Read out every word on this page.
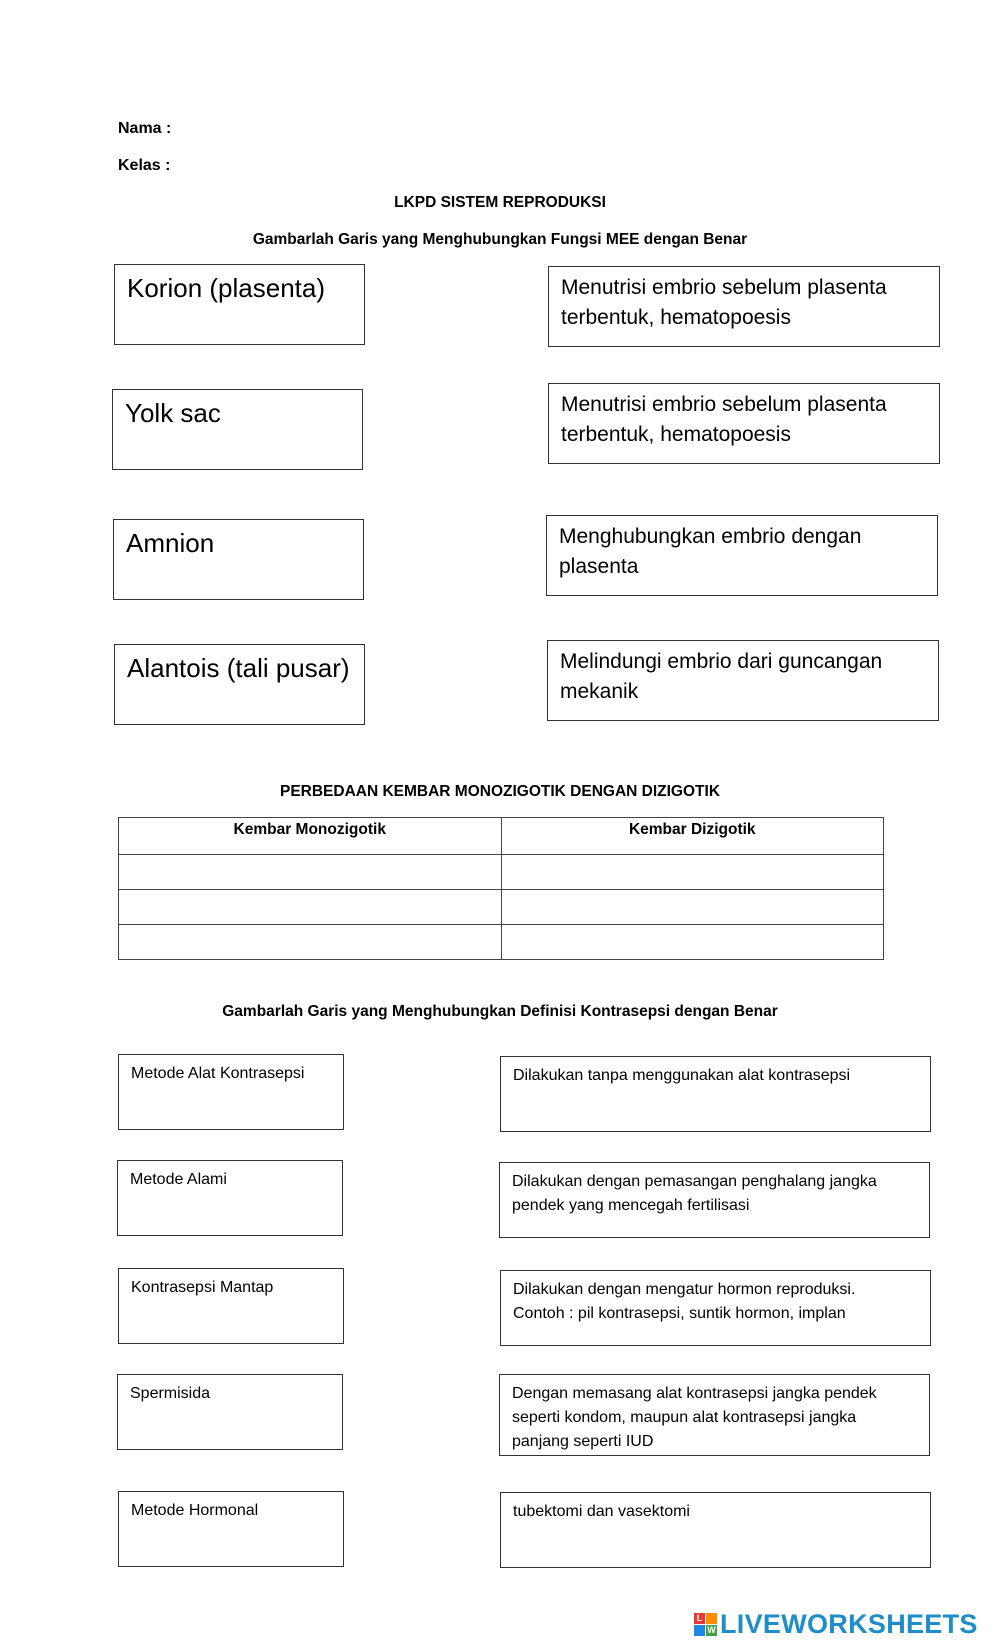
Nama :
Kelas :
LKPD SISTEM REPRODUKSI
Gambarlah Garis yang Menghubungkan Fungsi MEE dengan Benar
Korion (plasenta)
Yolk sac
Amnion
Alantois (tali pusar)
Menutrisi embrio sebelum plasenta
terbentuk, hematopoesis
Menutrisi embrio sebelum plasenta
terbentuk, hematopoesis
Menghubungkan embrio dengan
plasenta
Melindungi embrio dari guncangan
mekanik
PERBEDAAN KEMBAR MONOZIGOTIK DENGAN DIZIGOTIK
Kembar Monozigotik	Kembar Dizigotik

Gambarlah Garis yang Menghubungkan Definisi Kontrasepsi dengan Benar
Metode Alat Kontrasepsi
Metode Alami
Kontrasepsi Mantap
Spermisida
Metode Hormonal
Dilakukan tanpa menggunakan alat kontrasepsi
Dilakukan dengan pemasangan penghalang jangka
pendek yang mencegah fertilisasi
Dilakukan dengan mengatur hormon reproduksi.
Contoh : pil kontrasepsi, suntik hormon, implan
Dengan memasang alat kontrasepsi jangka pendek
seperti kondom, maupun alat kontrasepsi jangka
panjang seperti IUD
tubektomi dan vasektomi
L
W LIVEWORKSHEETS
